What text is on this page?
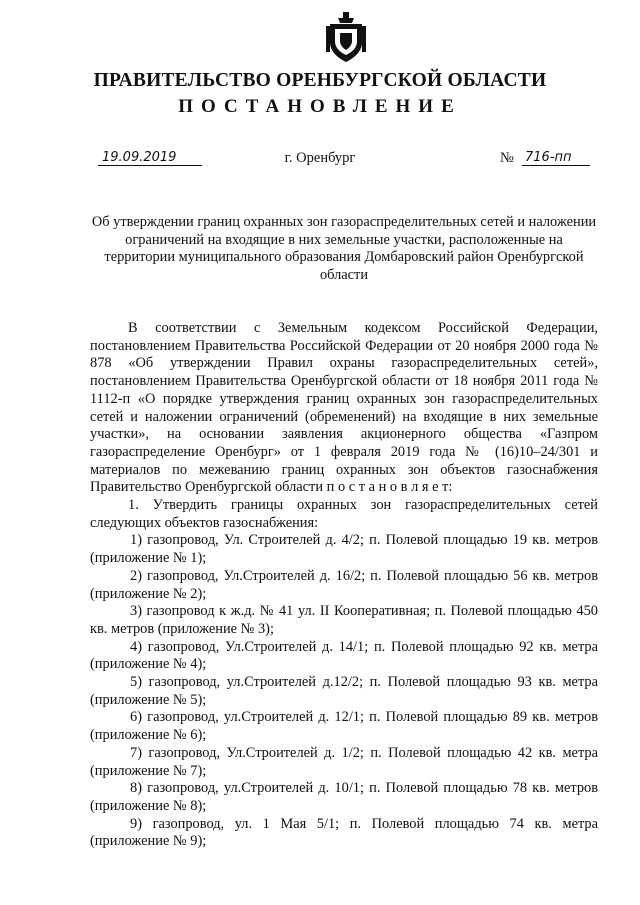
ПРАВИТЕЛЬСТВО ОРЕНБУРГСКОЙ ОБЛАСТИ
ПОСТАНОВЛЕНИЕ
19.09.2019	г. Оренбург	№ 716-пп
Об утверждении границ охранных зон газораспределительных сетей и наложении ограничений на входящие в них земельные участки, расположенные на территории муниципального образования Домбаровский район Оренбургской области

В соответствии с Земельным кодексом Российской Федерации, постановлением Правительства Российской Федерации от 20 ноября 2000 года № 878 «Об утверждении Правил охраны газораспределительных сетей», постановлением Правительства Оренбургской области от 18 ноября 2011 года № 1112-п «О порядке утверждения границ охранных зон газораспределительных сетей и наложении ограничений (обременений) на входящие в них земельные участки», на основании заявления акционерного общества «Газпром газораспределение Оренбург» от 1 февраля 2019 года № (16)10–24/301 и материалов по межеванию границ охранных зон объектов газоснабжения Правительство Оренбургской области п о с т а н о в л я е т:

1. Утвердить границы охранных зон газораспределительных сетей следующих объектов газоснабжения:

1) газопровод, Ул. Строителей д. 4/2; п. Полевой площадью 19 кв. метров (приложение № 1);

2) газопровод, Ул.Строителей д. 16/2; п. Полевой площадью 56 кв. метров (приложение № 2);

3) газопровод к ж.д. № 41 ул. II Кооперативная; п. Полевой площадью 450 кв. метров (приложение № 3);

4) газопровод, Ул.Строителей д. 14/1; п. Полевой площадью 92 кв. метра (приложение № 4);

5) газопровод, ул.Строителей д.12/2; п. Полевой площадью 93 кв. метра (приложение № 5);

6) газопровод, ул.Строителей д. 12/1; п. Полевой площадью 89 кв. метров (приложение № 6);

7) газопровод, Ул.Строителей д. 1/2; п. Полевой площадью 42 кв. метра (приложение № 7);

8) газопровод, ул.Строителей д. 10/1; п. Полевой площадью 78 кв. метров (приложение № 8);

9) газопровод, ул. 1 Мая 5/1; п. Полевой площадью 74 кв. метра (приложение № 9);
